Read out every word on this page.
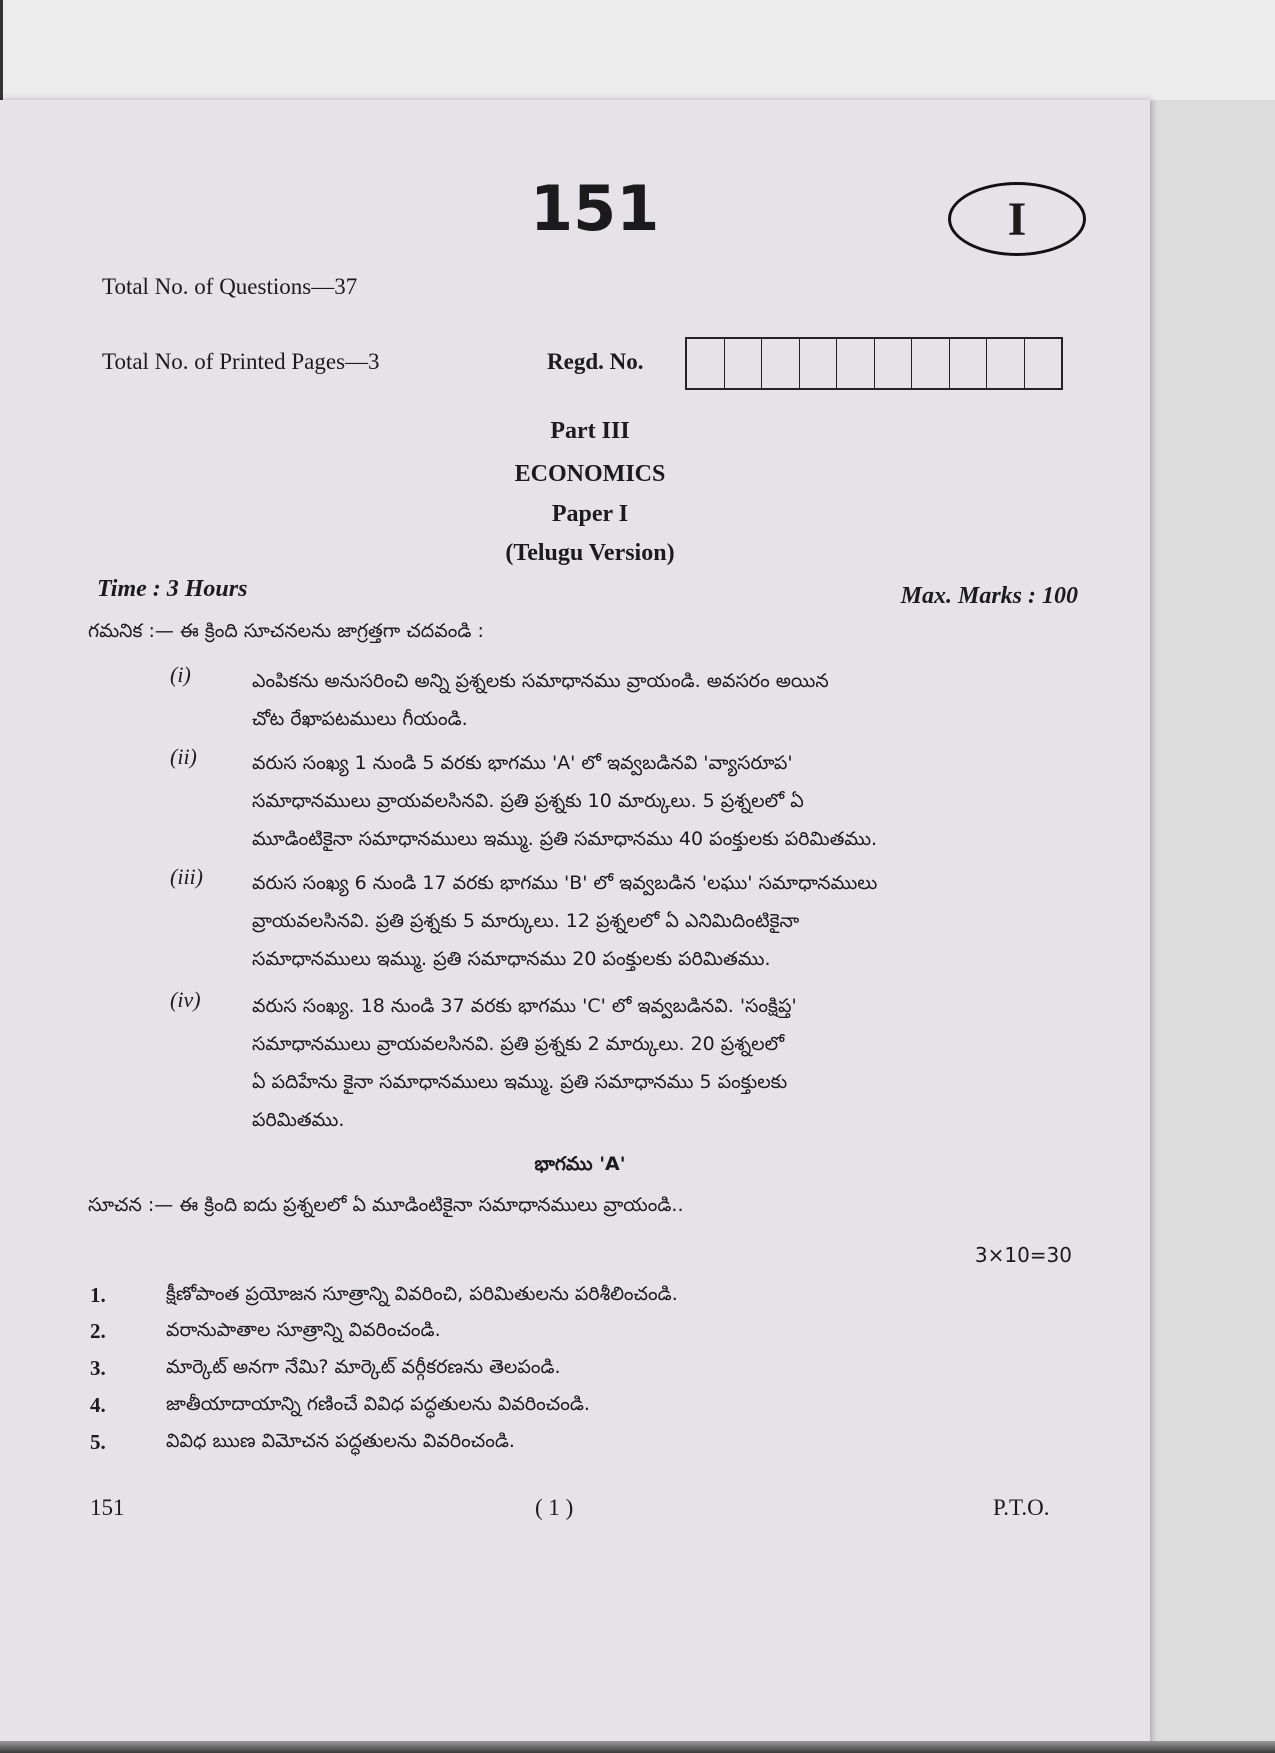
151	I
Total No. of Questions—37
Total No. of Printed Pages—3	Regd. No.
Part III
ECONOMICS
Paper I
(Telugu Version)
Time : 3 Hours	Max. Marks : 100
గమనిక :— ఈ క్రింది సూచనలను జాగ్రత్తగా చదవండి :
(i)	ఎంపికను అనుసరించి అన్ని ప్రశ్నలకు సమాధానము వ్రాయండి. అవసరం అయిన
చోట రేఖాపటములు గీయండి.
(ii)	వరుస సంఖ్య 1 నుండి 5 వరకు భాగము 'A' లో ఇవ్వబడినవి 'వ్యాసరూప'
సమాధానములు వ్రాయవలసినవి. ప్రతి ప్రశ్నకు 10 మార్కులు. 5 ప్రశ్నలలో ఏ
మూడింటికైనా సమాధానములు ఇమ్ము. ప్రతి సమాధానము 40 పంక్తులకు పరిమితము.
(iii)	వరుస సంఖ్య 6 నుండి 17 వరకు భాగము 'B' లో ఇవ్వబడిన 'లఘు' సమాధానములు
వ్రాయవలసినవి. ప్రతి ప్రశ్నకు 5 మార్కులు. 12 ప్రశ్నలలో ఏ ఎనిమిదింటికైనా
సమాధానములు ఇమ్ము. ప్రతి సమాధానము 20 పంక్తులకు పరిమితము.
(iv)	వరుస సంఖ్య. 18 నుండి 37 వరకు భాగము 'C' లో ఇవ్వబడినవి. 'సంక్షిప్త'
సమాధానములు వ్రాయవలసినవి. ప్రతి ప్రశ్నకు 2 మార్కులు. 20 ప్రశ్నలలో
ఏ పదిహేను కైనా సమాధానములు ఇమ్ము. ప్రతి సమాధానము 5 పంక్తులకు
పరిమితము.
భాగము 'A'
సూచన :— ఈ క్రింది ఐదు ప్రశ్నలలో ఏ మూడింటికైనా సమాధానములు వ్రాయండి..
3×10=30
1.	క్షీణోపాంత ప్రయోజన సూత్రాన్ని వివరించి, పరిమితులను పరిశీలించండి.
2.	వరానుపాతాల సూత్రాన్ని వివరించండి.
3.	మార్కెట్ అనగా నేమి? మార్కెట్ వర్గీకరణను తెలపండి.
4.	జాతీయాదాయాన్ని గణించే వివిధ పద్ధతులను వివరించండి.
5.	వివిధ ఋణ విమోచన పద్ధతులను వివరించండి.
151	( 1 )	P.T.O.
